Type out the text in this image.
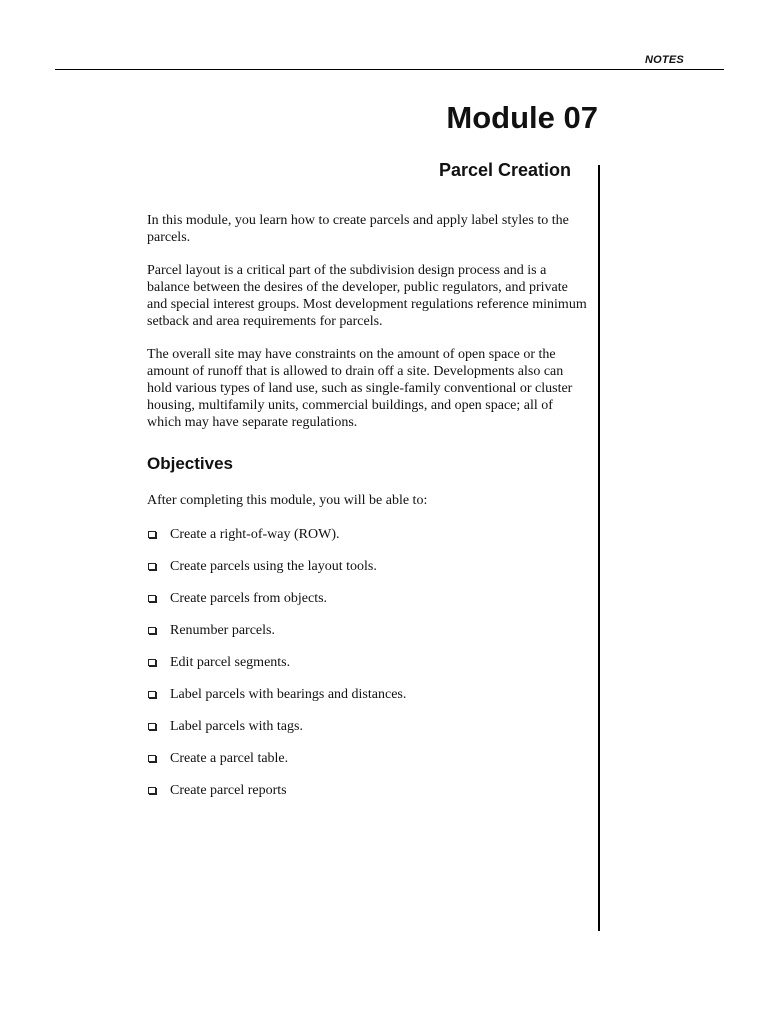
NOTES
Module 07
Parcel Creation

In this module, you learn how to create parcels and apply label styles to the parcels.

Parcel layout is a critical part of the subdivision design process and is a balance between the desires of the developer, public regulators, and private and special interest groups. Most development regulations reference minimum setback and area requirements for parcels.

The overall site may have constraints on the amount of open space or the amount of runoff that is allowed to drain off a site. Developments also can hold various types of land use, such as single-family conventional or cluster housing, multifamily units, commercial buildings, and open space; all of which may have separate regulations.

Objectives

After completing this module, you will be able to:

Create a right-of-way (ROW).
Create parcels using the layout tools.
Create parcels from objects.
Renumber parcels.
Edit parcel segments.
Label parcels with bearings and distances.
Label parcels with tags.
Create a parcel table.
Create parcel reports
